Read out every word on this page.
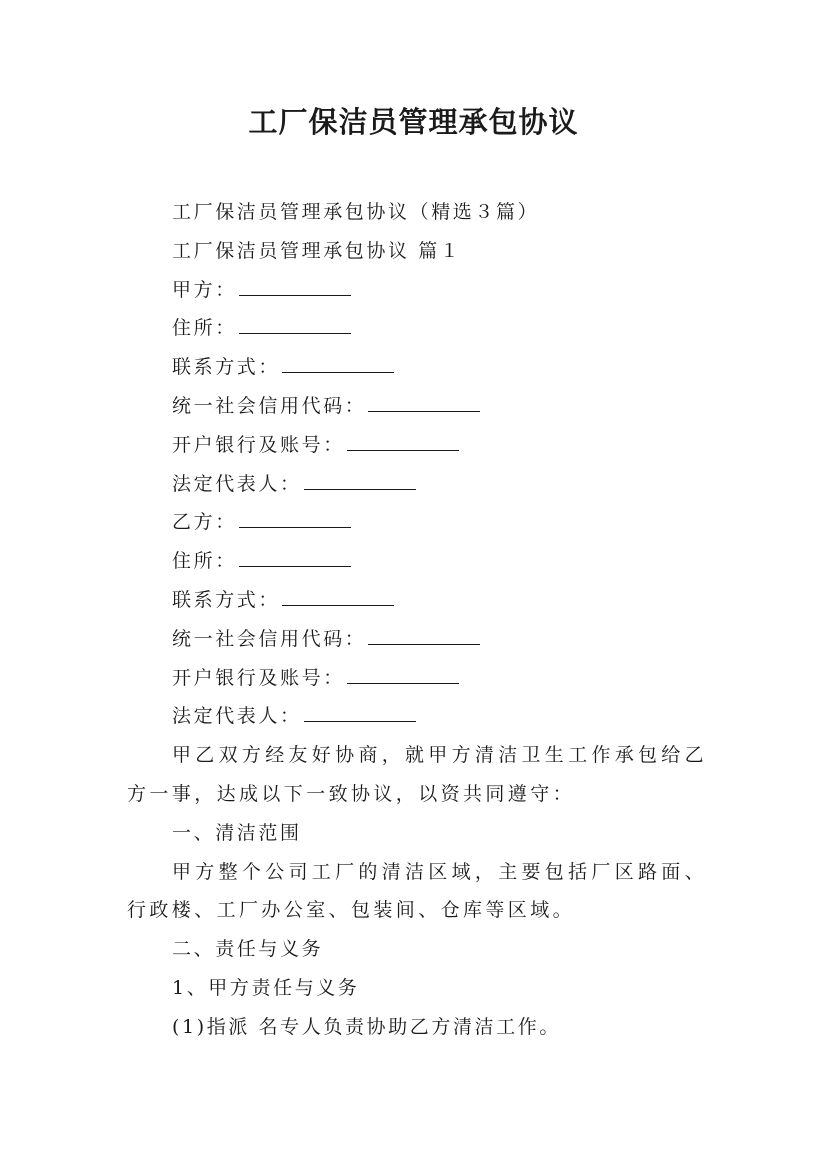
工厂保洁员管理承包协议
工厂保洁员管理承包协议（精选３篇）
工厂保洁员管理承包协议 篇１
甲方：
住所：
联系方式：
统一社会信用代码：
开户银行及账号：
法定代表人：
乙方：
住所：
联系方式：
统一社会信用代码：
开户银行及账号：
法定代表人：
甲乙双方经友好协商，就甲方清洁卫生工作承包给乙方一事，达成以下一致协议，以资共同遵守：
一、清洁范围
甲方整个公司工厂的清洁区域，主要包括厂区路面、行政楼、工厂办公室、包装间、仓库等区域。
二、责任与义务
1、甲方责任与义务
(1)指派 名专人负责协助乙方清洁工作。
